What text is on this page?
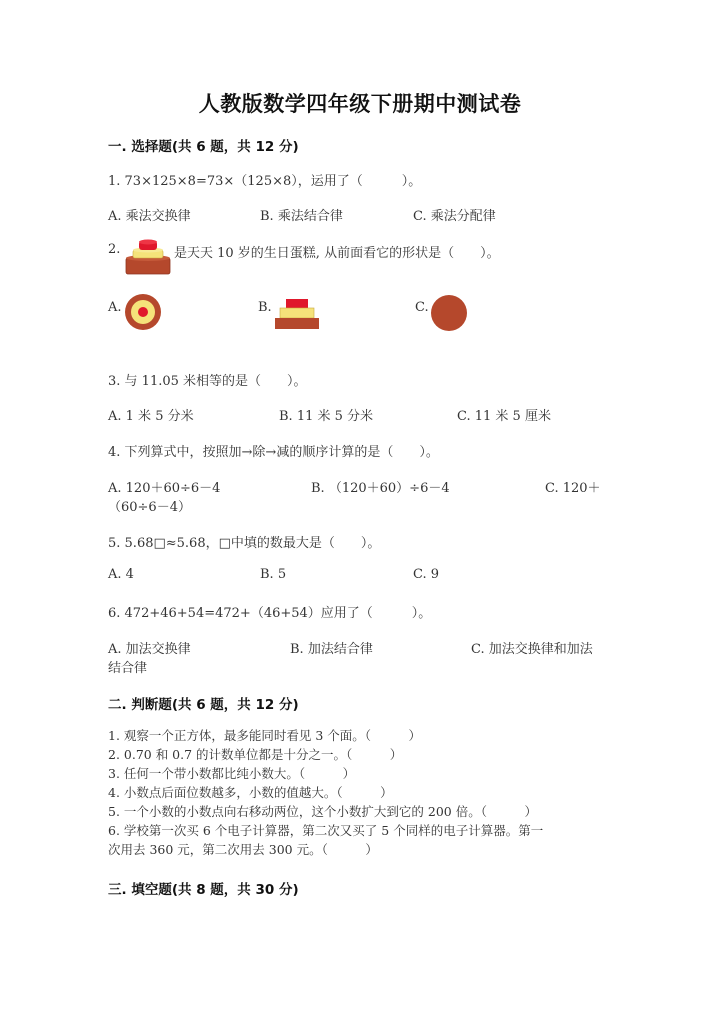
人教版数学四年级下册期中测试卷
一. 选择题(共 6 题，共 12 分)
1. 73×125×8=73×（125×8），运用了（　　　）。
A. 乘法交换律	B. 乘法结合律	C. 乘法分配律
2.	是天天 10 岁的生日蛋糕, 从前面看它的形状是（　　）。
A.	B.	C.
3. 与 11.05 米相等的是（　　）。
A. 1 米 5 分米	B. 11 米 5 分米	C. 11 米 5 厘米
4. 下列算式中，按照加→除→减的顺序计算的是（　　）。
A. 120＋60÷6－4	B. （120＋60）÷6－4	C. 120＋
（60÷6－4）
5. 5.68□≈5.68，□中填的数最大是（　　）。
A. 4	B. 5	C. 9
6. 472+46+54=472+（46+54）应用了（　　　）。
A. 加法交换律	B. 加法结合律	C. 加法交换律和加法
结合律
二. 判断题(共 6 题，共 12 分)
1. 观察一个正方体，最多能同时看见 3 个面。（　　　）
2. 0.70 和 0.7 的计数单位都是十分之一。（　　　）
3. 任何一个带小数都比纯小数大。（　　　）
4. 小数点后面位数越多，小数的值越大。（　　　）
5. 一个小数的小数点向右移动两位，这个小数扩大到它的 200 倍。（　　　）
6. 学校第一次买 6 个电子计算器，第二次又买了 5 个同样的电子计算器。第一
次用去 360 元，第二次用去 300 元。（　　　）
三. 填空题(共 8 题，共 30 分)
